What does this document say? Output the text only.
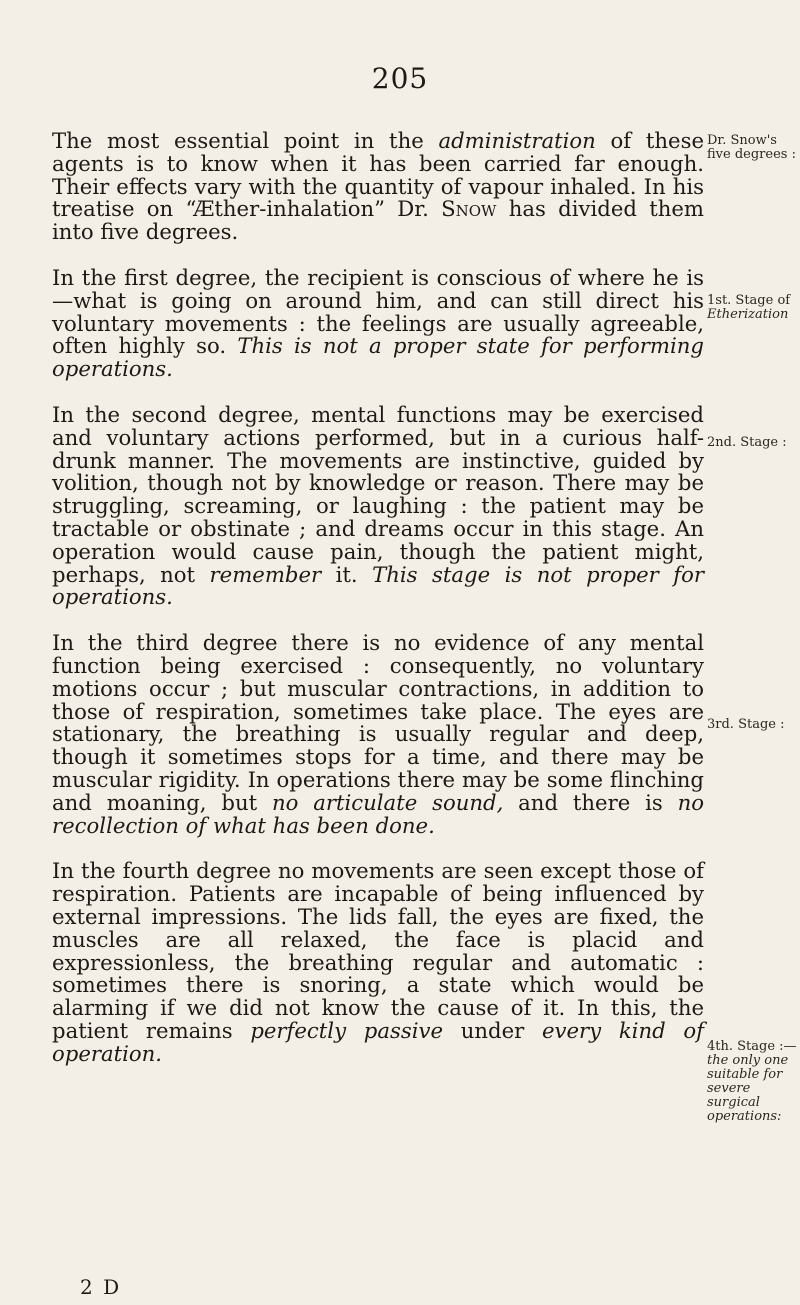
205

The most essential point in the administration of these agents is to know when it has been carried far enough. Their effects vary with the quantity of vapour inhaled. In his treatise on “Æther-inhalation” Dr. Snow has divided them into five degrees.

In the first degree, the recipient is conscious of where he is—what is going on around him, and can still direct his voluntary movements : the feelings are usually agreeable, often highly so. This is not a proper state for performing operations.

In the second degree, mental functions may be exercised and voluntary actions performed, but in a curious half-drunk manner. The movements are instinctive, guided by volition, though not by knowledge or reason. There may be struggling, screaming, or laughing : the patient may be tractable or obstinate ; and dreams occur in this stage. An operation would cause pain, though the patient might, perhaps, not remember it. This stage is not proper for operations.

In the third degree there is no evidence of any mental function being exercised : consequently, no voluntary motions occur ; but muscular contractions, in addition to those of respiration, sometimes take place. The eyes are stationary, the breathing is usually regular and deep, though it sometimes stops for a time, and there may be muscular rigidity. In operations there may be some flinching and moaning, but no articulate sound, and there is no recollection of what has been done.

In the fourth degree no movements are seen except those of respiration. Patients are incapable of being influenced by external impressions. The lids fall, the eyes are fixed, the muscles are all relaxed, the face is placid and expressionless, the breathing regular and automatic : sometimes there is snoring, a state which would be alarming if we did not know the cause of it. In this, the patient remains perfectly passive under every kind of operation.

Dr. Snow's
five degrees :
1st. Stage of
Etherization
2nd. Stage :
3rd. Stage :
4th. Stage :—
the only one suitable for severe surgical operations:
2 D
